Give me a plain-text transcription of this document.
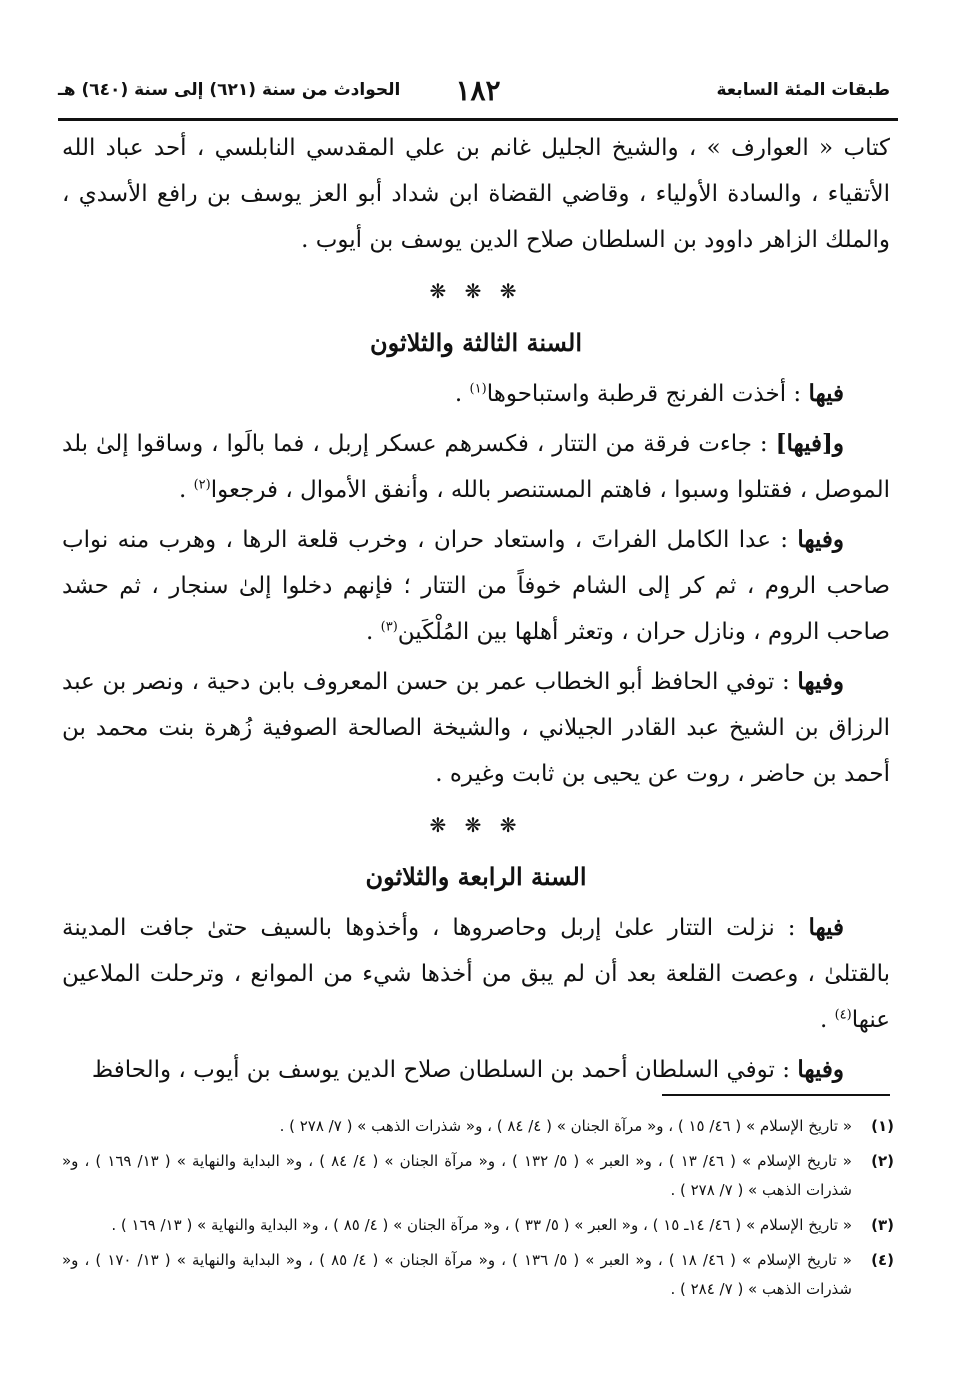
طبقات المئة السابعة
١٨٢
الحوادث من سنة (٦٢١) إلى سنة (٦٤٠) هـ

كتاب « العوارف » ، والشيخ الجليل غانم بن علي المقدسي النابلسي ، أحد عباد الله الأتقياء ، والسادة الأولياء ، وقاضي القضاة ابن شداد أبو العز يوسف بن رافع الأسدي ، والملك الزاهر داوود بن السلطان صلاح الدين يوسف بن أيوب .

❋ ❋ ❋
السنة الثالثة والثلاثون

فيها : أخذت الفرنج قرطبة واستباحوها$^{(١)}$ .

و[فيها] : جاءت فرقة من التتار ، فكسرهم عسكر إربل ، فما بالَوا ، وساقوا إلىٰ بلد الموصل ، فقتلوا وسبوا ، فاهتم المستنصر بالله ، وأنفق الأموال ، فرجعوا$^{(٢)}$ .

وفيها : عدا الكامل الفراتَ ، واستعاد حران ، وخرب قلعة الرها ، وهرب منه نواب صاحب الروم ، ثم كر إلى الشام خوفاً من التتار ؛ فإنهم دخلوا إلىٰ سنجار ، ثم حشد صاحب الروم ، ونازل حران ، وتعثر أهلها بين المُلْكَين$^{(٣)}$ .

وفيها : توفي الحافظ أبو الخطاب عمر بن حسن المعروف بابن دحية ، ونصر بن عبد الرزاق بن الشيخ عبد القادر الجيلاني ، والشيخة الصالحة الصوفية زُهرة بنت محمد بن أحمد بن حاضر ، روت عن يحيى بن ثابت وغيره .

❋ ❋ ❋
السنة الرابعة والثلاثون

فيها : نزلت التتار علىٰ إربل وحاصروها ، وأخذوها بالسيف حتىٰ جافت المدينة بالقتلىٰ ، وعصت القلعة بعد أن لم يبق من أخذها شيء من الموانع ، وترحلت الملاعين عنها$^{(٤)}$ .

وفيها : توفي السلطان أحمد بن السلطان صلاح الدين يوسف بن أيوب ، والحافظ

(١)
« تاريخ الإسلام » ( ٤٦/ ١٥ ) ، و« مرآة الجنان » ( ٤/ ٨٤ ) ، و« شذرات الذهب » ( ٧/ ٢٧٨ ) .
(٢)
« تاريخ الإسلام » ( ٤٦/ ١٣ ) ، و« العبر » ( ٥/ ١٣٢ ) ، و« مرآة الجنان » ( ٤/ ٨٤ ) ، و« البداية والنهاية » ( ١٣/ ١٦٩ ) ، و« شذرات الذهب » ( ٧/ ٢٧٨ ) .
(٣)
« تاريخ الإسلام » ( ٤٦/ ١٤ـ ١٥ ) ، و« العبر » ( ٥/ ٣٣ ) ، و« مرآة الجنان » ( ٤/ ٨٥ ) ، و« البداية والنهاية » ( ١٣/ ١٦٩ ) .
(٤)
« تاريخ الإسلام » ( ٤٦/ ١٨ ) ، و« العبر » ( ٥/ ١٣٦ ) ، و« مرآة الجنان » ( ٤/ ٨٥ ) ، و« البداية والنهاية » ( ١٣/ ١٧٠ ) ، و« شذرات الذهب » ( ٧/ ٢٨٤ ) .
